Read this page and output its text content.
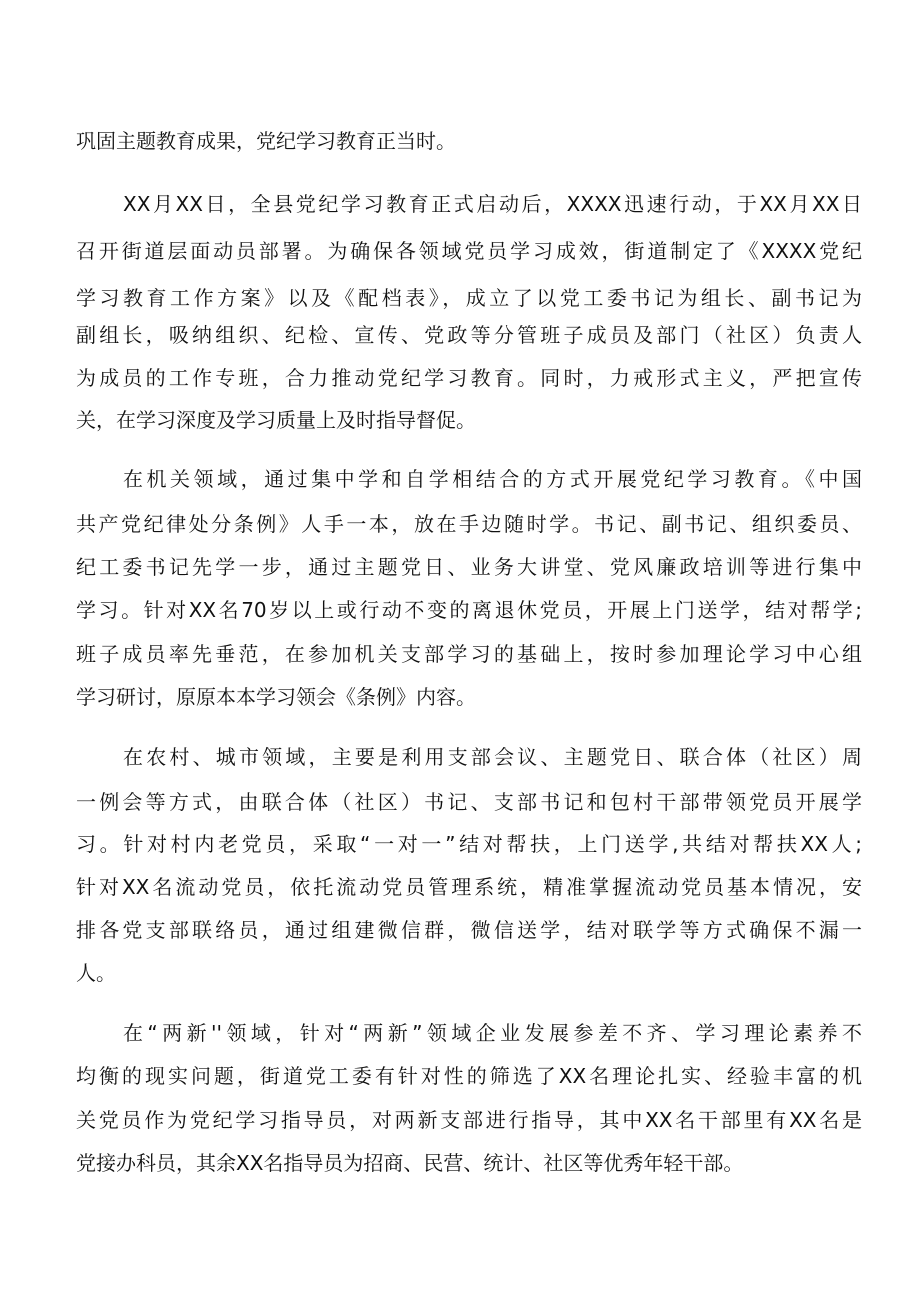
巩固主题教育成果，党纪学习教育正当时。
XX月XX日，全县党纪学习教育正式启动后，XXXX迅速行动，于XX月XX日
召开街道层面动员部署。为确保各领域党员学习成效，街道制定了《XXXX党纪
学习教育工作方案》以及《配档表》，成立了以党工委书记为组长、副书记为
副组长，吸纳组织、纪检、宣传、党政等分管班子成员及部门（社区）负责人
为成员的工作专班，合力推动党纪学习教育。同时，力戒形式主义，严把宣传
关，在学习深度及学习质量上及时指导督促。
在机关领域，通过集中学和自学相结合的方式开展党纪学习教育。《中国
共产党纪律处分条例》人手一本，放在手边随时学。书记、副书记、组织委员、
纪工委书记先学一步，通过主题党日、业务大讲堂、党风廉政培训等进行集中
学习。针对XX名70岁以上或行动不变的离退休党员，开展上门送学，结对帮学;
班子成员率先垂范，在参加机关支部学习的基础上，按时参加理论学习中心组
学习研讨，原原本本学习领会《条例》内容。
在农村、城市领域，主要是利用支部会议、主题党日、联合体（社区）周
一例会等方式，由联合体（社区）书记、支部书记和包村干部带领党员开展学
习。针对村内老党员，采取“一对一”结对帮扶，上门送学,共结对帮扶XX人;
针对XX名流动党员，依托流动党员管理系统，精准掌握流动党员基本情况，安
排各党支部联络员，通过组建微信群，微信送学，结对联学等方式确保不漏一
人。
在“两新''领域，针对“两新”领域企业发展参差不齐、学习理论素养不
均衡的现实问题，街道党工委有针对性的筛选了XX名理论扎实、经验丰富的机
关党员作为党纪学习指导员，对两新支部进行指导，其中XX名干部里有XX名是
党接办科员，其余XX名指导员为招商、民营、统计、社区等优秀年轻干部。
